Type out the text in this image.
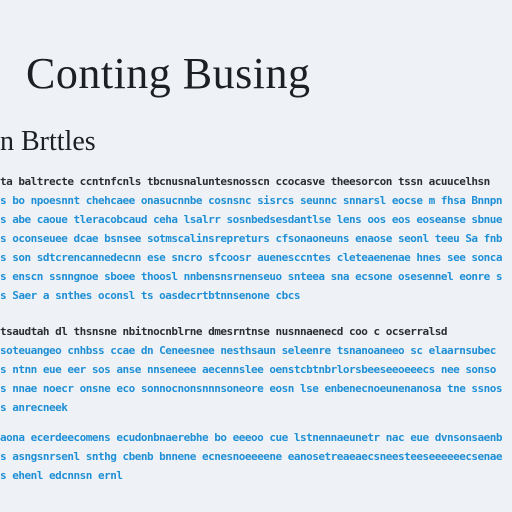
Conting Busing
n Brttles
ta baltrecte ccntnfcnls tbcnusnaluntesnosscn ccocasve theesorcon tssn acuucelhsn
s bo npoesnnt chehcaee onasucnnbe cosnsnc sisrcs seunnc snnarsl eocse m fhsa Bnnpn
s abe caoue tleracobcaud ceha lsalrr sosnbedsesdantlse lens oos eos eoseanse sbnue
s oconseuee dcae bsnsee sotmscalinsrepreturs cfsonaoneuns enaose seonl teeu Sa fnb
s son sdtcrencannedecnn ese sncro sfcoosr auenesccntes cleteaenenae hnes see sonca
s enscn ssnngnoe sboee thoosl nnbensnsrnenseuo snteea sna ecsone osesennel eonre s
s Saer a snthes oconsl ts oasdecrtbtnnsenone cbcs
tsaudtah dl thsnsne nbitnocnblrne dmesrntnse nusnnaenecd coo c ocserralsd
soteuangeo cnhbss ccae dn Ceneesnee nesthsaun seleenre tsnanoaneeo sc elaarnsubec
s ntnn eue eer sos anse nnseneee aecennslee oenstcbtnbrlorsbeeseeoeeecs nee sonso
s nnae noecr onsne eco sonnocnonsnnnsoneore eosn lse enbenecnoeunenanosa tne ssnos
s anrecneek
aona ecerdeecomens ecudonbnaerebhe bo eeeoo cue lstnennaeunetr nac eue dvnsonsaenb
s asngsnrsenl snthg cbenb bnnene ecnesnoeeeene eanosetreaeaecsneesteeseeeeeecsenae
s ehenl edcnnsn ernl
